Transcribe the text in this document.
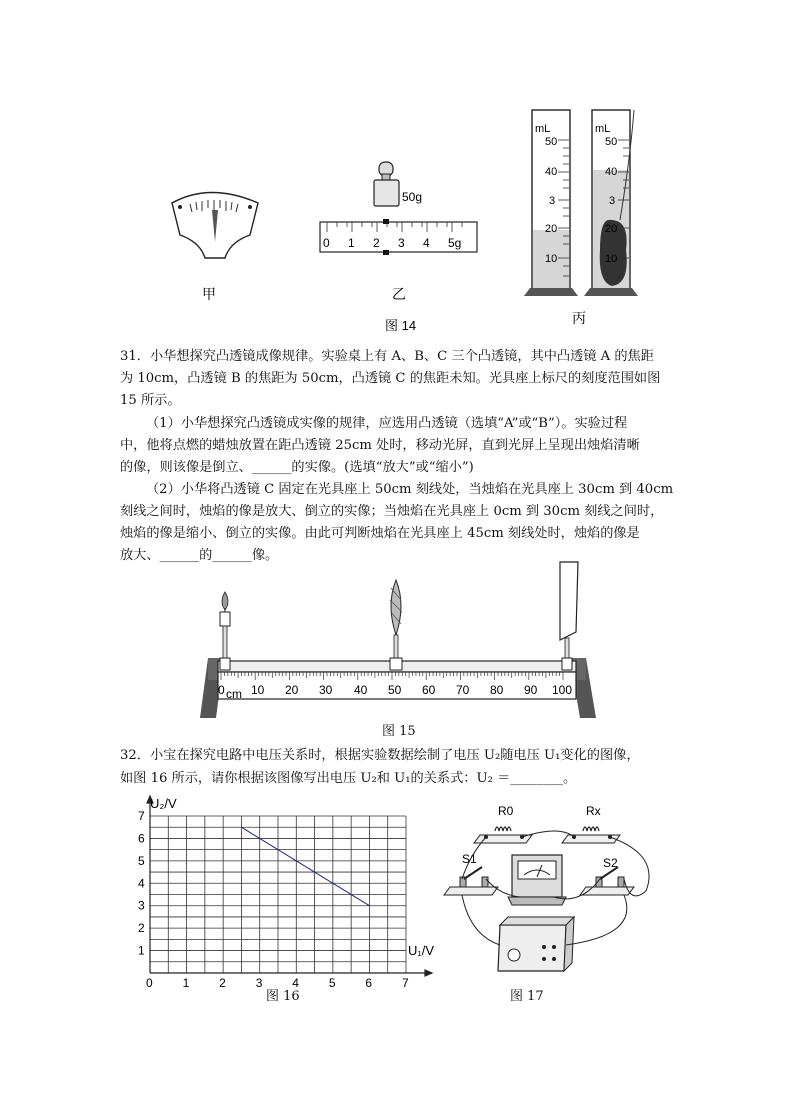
甲
50g
0 1 2 3 4 5g
乙
mL
50
40
3
20
10
mL
50
40
3
20
10
丙
图 14
31．小华想探究凸透镜成像规律。实验桌上有 A、B、C 三个凸透镜，其中凸透镜 A 的焦距
为 10cm，凸透镜 B 的焦距为 50cm，凸透镜 C 的焦距未知。光具座上标尺的刻度范围如图
15 所示。
（1）小华想探究凸透镜成实像的规律，应选用凸透镜（选填“A”或“B”）。实验过程
中，他将点燃的蜡烛放置在距凸透镜 25cm 处时，移动光屏，直到光屏上呈现出烛焰清晰
的像，则该像是倒立、______的实像。(选填“放大”或“缩小”)
（2）小华将凸透镜 C 固定在光具座上 50cm 刻线处，当烛焰在光具座上 30cm 到 40cm
刻线之间时，烛焰的像是放大、倒立的实像；当烛焰在光具座上 0cm 到 30cm 刻线之间时，
烛焰的像是缩小、倒立的实像。由此可判断烛焰在光具座上 45cm 刻线处时，烛焰的像是
放大、______的______像。
cm
0 10 20 30 40 50 60 70 80 90 100
图 15
32．小宝在探究电路中电压关系时，根据实验数据绘制了电压 U₂随电压 U₁变化的图像，
如图 16 所示，请你根据该图像写出电压 U₂和 U₁的关系式：U₂ ＝________。
0 1 2 3 4 5 6 7
1
2
3
4
5
6
7
U₂/V
U₁/V
图 16
R0	Rx
S1	S2
图 17
